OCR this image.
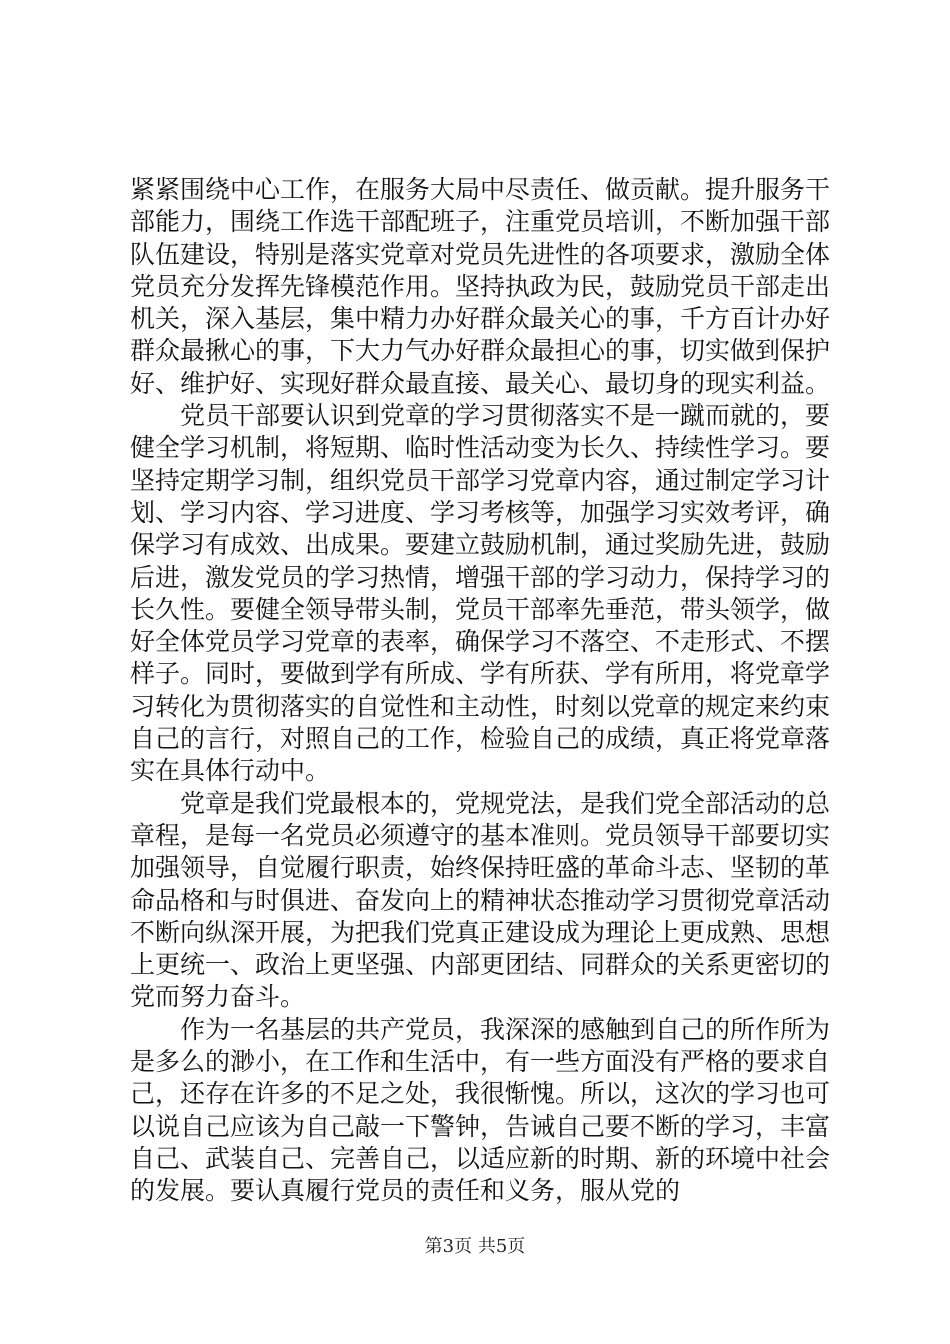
紧紧围绕中心工作，在服务大局中尽责任、做贡献。提升服务干部能力，围绕工作选干部配班子，注重党员培训，不断加强干部队伍建设，特别是落实党章对党员先进性的各项要求，激励全体党员充分发挥先锋模范作用。坚持执政为民，鼓励党员干部走出机关，深入基层，集中精力办好群众最关心的事，千方百计办好群众最揪心的事，下大力气办好群众最担心的事，切实做到保护好、维护好、实现好群众最直接、最关心、最切身的现实利益。

党员干部要认识到党章的学习贯彻落实不是一蹴而就的，要健全学习机制，将短期、临时性活动变为长久、持续性学习。要坚持定期学习制，组织党员干部学习党章内容，通过制定学习计划、学习内容、学习进度、学习考核等，加强学习实效考评，确保学习有成效、出成果。要建立鼓励机制，通过奖励先进，鼓励后进，激发党员的学习热情，增强干部的学习动力，保持学习的长久性。要健全领导带头制，党员干部率先垂范，带头领学，做好全体党员学习党章的表率，确保学习不落空、不走形式、不摆样子。同时，要做到学有所成、学有所获、学有所用，将党章学习转化为贯彻落实的自觉性和主动性，时刻以党章的规定来约束自己的言行，对照自己的工作，检验自己的成绩，真正将党章落实在具体行动中。

党章是我们党最根本的，党规党法，是我们党全部活动的总章程，是每一名党员必须遵守的基本准则。党员领导干部要切实加强领导，自觉履行职责，始终保持旺盛的革命斗志、坚韧的革命品格和与时俱进、奋发向上的精神状态推动学习贯彻党章活动不断向纵深开展，为把我们党真正建设成为理论上更成熟、思想上更统一、政治上更坚强、内部更团结、同群众的关系更密切的党而努力奋斗。

作为一名基层的共产党员，我深深的感触到自己的所作所为是多么的渺小，在工作和生活中，有一些方面没有严格的要求自己，还存在许多的不足之处，我很惭愧。所以，这次的学习也可以说自己应该为自己敲一下警钟，告诫自己要不断的学习，丰富自己、武装自己、完善自己，以适应新的时期、新的环境中社会的发展。要认真履行党员的责任和义务，服从党的

第3页 共5页
